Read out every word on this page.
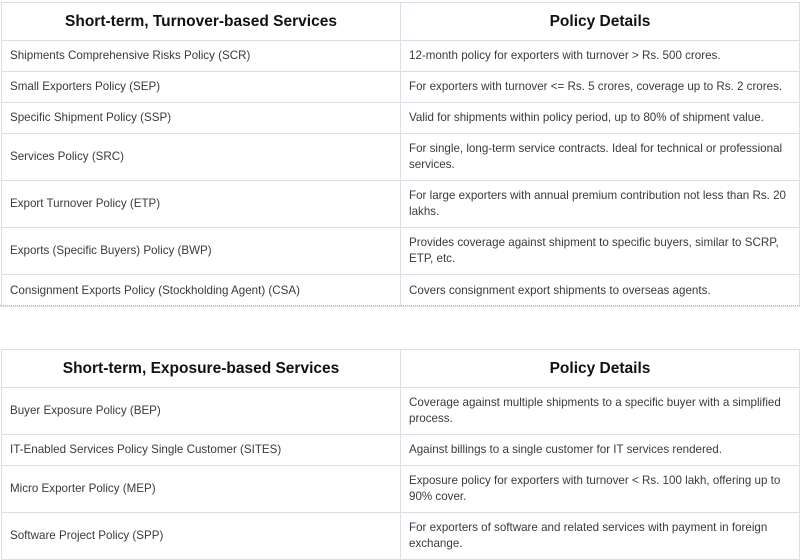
Short-term, Turnover-based Services	Policy Details
Shipments Comprehensive Risks Policy (SCR)	12-month policy for exporters with turnover > Rs. 500 crores.
Small Exporters Policy (SEP)	For exporters with turnover <= Rs. 5 crores, coverage up to Rs. 2 crores.
Specific Shipment Policy (SSP)	Valid for shipments within policy period, up to 80% of shipment value.
Services Policy (SRC)	For single, long-term service contracts. Ideal for technical or professional services.
Export Turnover Policy (ETP)	For large exporters with annual premium contribution not less than Rs. 20 lakhs.
Exports (Specific Buyers) Policy (BWP)	Provides coverage against shipment to specific buyers, similar to SCRP, ETP, etc.
Consignment Exports Policy (Stockholding Agent) (CSA)	Covers consignment export shipments to overseas agents.
Short-term, Exposure-based Services	Policy Details
Buyer Exposure Policy (BEP)	Coverage against multiple shipments to a specific buyer with a simplified process.
IT-Enabled Services Policy Single Customer (SITES)	Against billings to a single customer for IT services rendered.
Micro Exporter Policy (MEP)	Exposure policy for exporters with turnover < Rs. 100 lakh, offering up to 90% cover.
Software Project Policy (SPP)	For exporters of software and related services with payment in foreign exchange.
